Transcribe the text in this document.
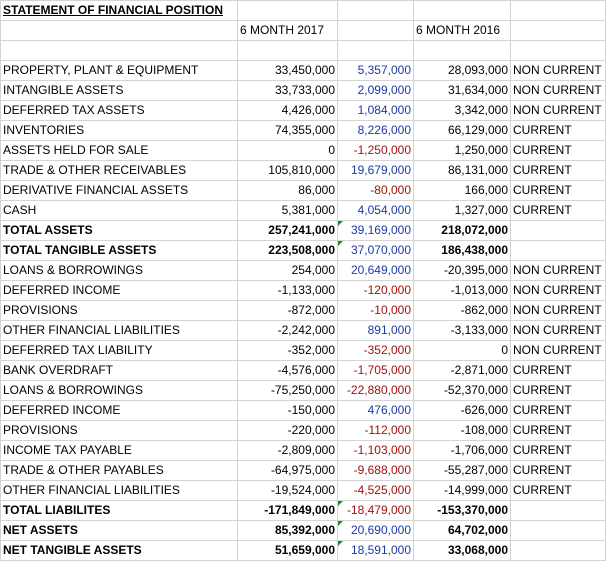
STATEMENT OF FINANCIAL POSITION				
	6 MONTH 2017		6 MONTH 2016	

PROPERTY, PLANT & EQUIPMENT	33,450,000	5,357,000	28,093,000	NON CURRENT
INTANGIBLE ASSETS	33,733,000	2,099,000	31,634,000	NON CURRENT
DEFERRED TAX ASSETS	4,426,000	1,084,000	3,342,000	NON CURRENT
INVENTORIES	74,355,000	8,226,000	66,129,000	CURRENT
ASSETS HELD FOR SALE	0	-1,250,000	1,250,000	CURRENT
TRADE & OTHER RECEIVABLES	105,810,000	19,679,000	86,131,000	CURRENT
DERIVATIVE FINANCIAL ASSETS	86,000	-80,000	166,000	CURRENT
CASH	5,381,000	4,054,000	1,327,000	CURRENT
TOTAL ASSETS	257,241,000	39,169,000	218,072,000	
TOTAL TANGIBLE ASSETS	223,508,000	37,070,000	186,438,000	
LOANS & BORROWINGS	254,000	20,649,000	-20,395,000	NON CURRENT
DEFERRED INCOME	-1,133,000	-120,000	-1,013,000	NON CURRENT
PROVISIONS	-872,000	-10,000	-862,000	NON CURRENT
OTHER FINANCIAL LIABILITIES	-2,242,000	891,000	-3,133,000	NON CURRENT
DEFERRED TAX LIABILITY	-352,000	-352,000	0	NON CURRENT
BANK OVERDRAFT	-4,576,000	-1,705,000	-2,871,000	CURRENT
LOANS & BORROWINGS	-75,250,000	-22,880,000	-52,370,000	CURRENT
DEFERRED INCOME	-150,000	476,000	-626,000	CURRENT
PROVISIONS	-220,000	-112,000	-108,000	CURRENT
INCOME TAX PAYABLE	-2,809,000	-1,103,000	-1,706,000	CURRENT
TRADE & OTHER PAYABLES	-64,975,000	-9,688,000	-55,287,000	CURRENT
OTHER FINANCIAL LIABILITIES	-19,524,000	-4,525,000	-14,999,000	CURRENT
TOTAL LIABILITES	-171,849,000	-18,479,000	-153,370,000	
NET ASSETS	85,392,000	20,690,000	64,702,000	
NET TANGIBLE ASSETS	51,659,000	18,591,000	33,068,000	
